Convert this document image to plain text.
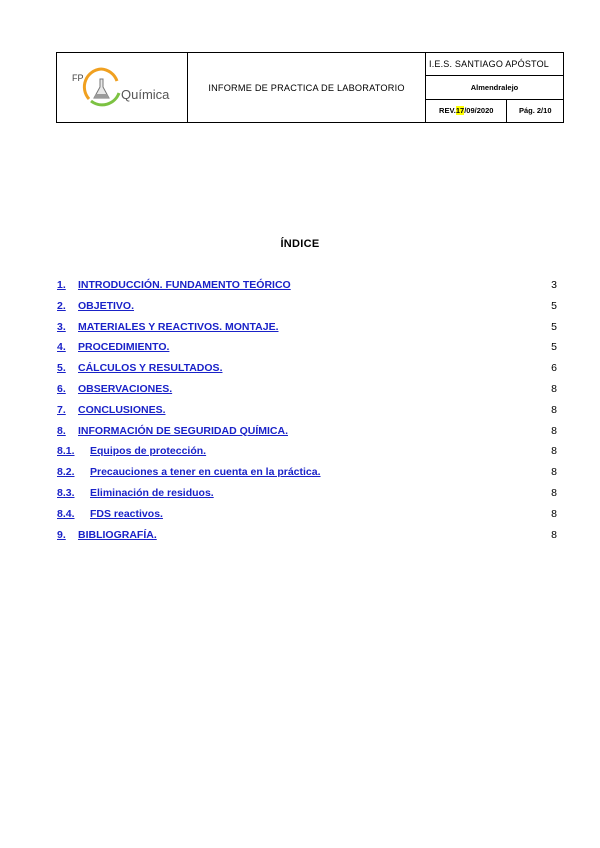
FP
Química	INFORME DE PRACTICA DE LABORATORIO
I.E.S. SANTIAGO APÓSTOL
Almendralejo
REV. 17 /09/2020	Pág. 2/10
ÍNDICE
1. INTRODUCCIÓN. FUNDAMENTO TEÓRICO	3
2. OBJETIVO.	5
3. MATERIALES Y REACTIVOS. MONTAJE.	5
4. PROCEDIMIENTO.	5
5. CÁLCULOS Y RESULTADOS.	6
6. OBSERVACIONES.	8
7. CONCLUSIONES.	8
8. INFORMACIÓN DE SEGURIDAD QUÍMICA.	8
8.1. Equipos de protección.	8
8.2. Precauciones a tener en cuenta en la práctica.	8
8.3. Eliminación de residuos.	8
8.4. FDS reactivos.	8
9. BIBLIOGRAFÍA.	8
